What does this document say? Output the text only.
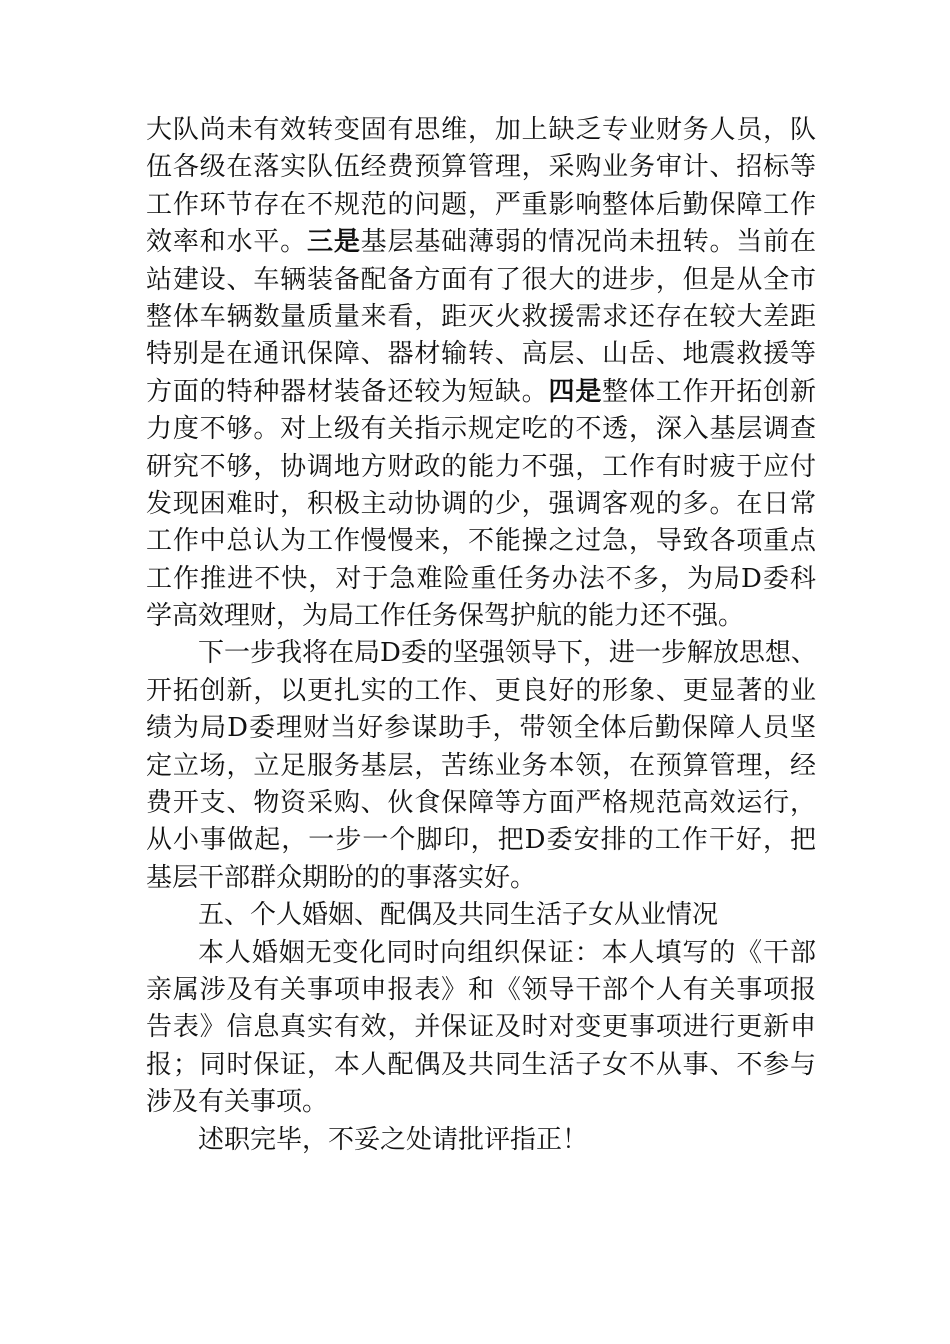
大队尚未有效转变固有思维，加上缺乏专业财务人员，队
伍各级在落实队伍经费预算管理，采购业务审计、招标等
工作环节存在不规范的问题，严重影响整体后勤保障工作
效率和水平。三是基层基础薄弱的情况尚未扭转。当前在
站建设、车辆装备配备方面有了很大的进步，但是从全市
整体车辆数量质量来看，距灭火救援需求还存在较大差距
特别是在通讯保障、器材输转、高层、山岳、地震救援等
方面的特种器材装备还较为短缺。四是整体工作开拓创新
力度不够。对上级有关指示规定吃的不透，深入基层调查
研究不够，协调地方财政的能力不强，工作有时疲于应付
发现困难时，积极主动协调的少，强调客观的多。在日常
工作中总认为工作慢慢来，不能操之过急，导致各项重点
工作推进不快，对于急难险重任务办法不多，为局D委科
学高效理财，为局工作任务保驾护航的能力还不强。
下一步我将在局D委的坚强领导下，进一步解放思想、
开拓创新，以更扎实的工作、更良好的形象、更显著的业
绩为局D委理财当好参谋助手，带领全体后勤保障人员坚
定立场，立足服务基层，苦练业务本领，在预算管理，经
费开支、物资采购、伙食保障等方面严格规范高效运行，
从小事做起，一步一个脚印，把D委安排的工作干好，把
基层干部群众期盼的的事落实好。
五、个人婚姻、配偶及共同生活子女从业情况
本人婚姻无变化同时向组织保证：本人填写的《干部
亲属涉及有关事项申报表》和《领导干部个人有关事项报
告表》信息真实有效，并保证及时对变更事项进行更新申
报；同时保证，本人配偶及共同生活子女不从事、不参与
涉及有关事项。
述职完毕，不妥之处请批评指正！
